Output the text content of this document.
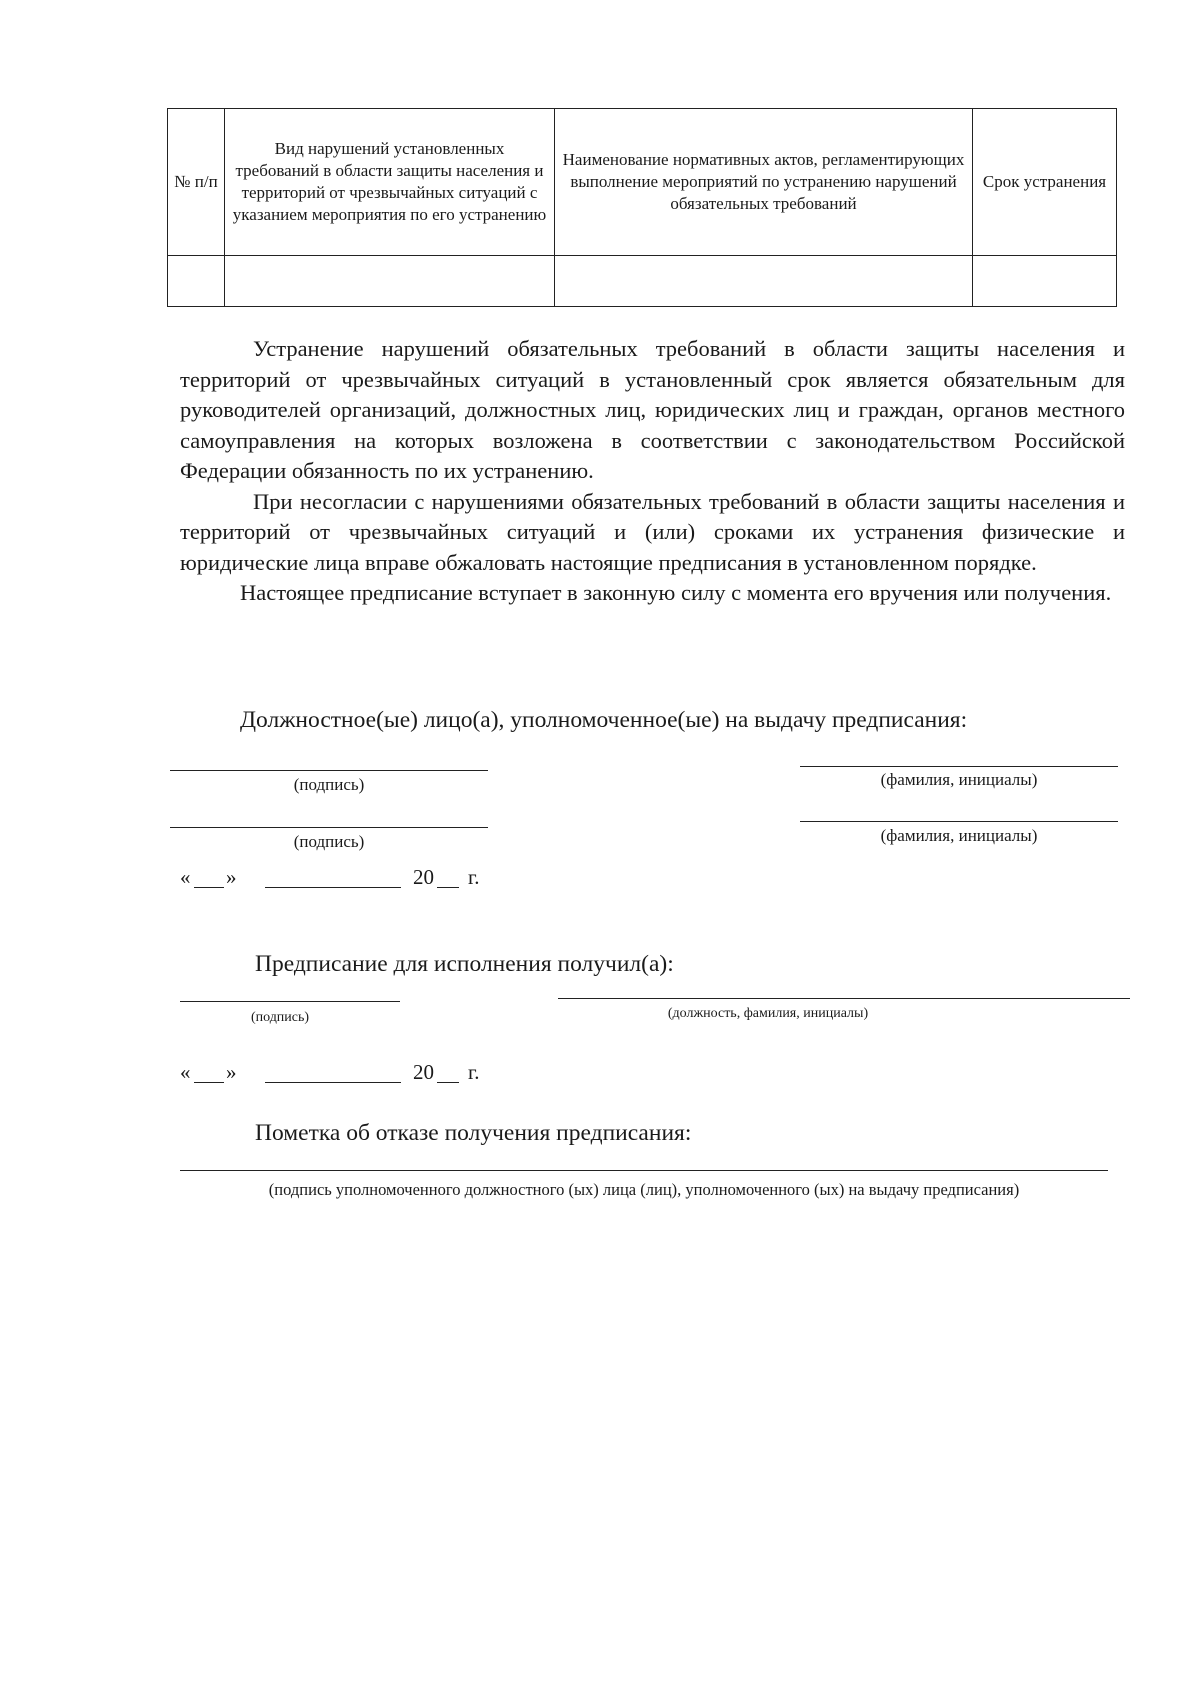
№ п/п	Вид нарушений установленных требований в области защиты населения и территорий от чрезвычайных ситуаций с указанием мероприятия по его устранению	Наименование нормативных актов, регламентирующих выполнение мероприятий по устранению нарушений обязательных требований	Срок устранения

Устранение нарушений обязательных требований в области защиты населения и территорий от чрезвычайных ситуаций в установленный срок является обязательным для руководителей организаций, должностных лиц, юридических лиц и граждан, органов местного самоуправления на которых возложена в соответствии с законодательством Российской Федерации обязанность по их устранению.

При несогласии с нарушениями обязательных требований в области защиты населения и территорий от чрезвычайных ситуаций и (или) сроками их устранения физические и юридические лица вправе обжаловать настоящие предписания в установленном порядке.

Настоящее предписание вступает в законную силу с момента его вручения или получения.

Должностное(ые) лицо(а), уполномоченное(ые) на выдачу предписания:
(подпись)	(фамилия, инициалы)
(подпись)	(фамилия, инициалы)
« »	20 г.
Предписание для исполнения получил(а):
(подпись)	(должность, фамилия, инициалы)
« »	20 г.
Пометка об отказе получения предписания:
(подпись уполномоченного должностного (ых) лица (лиц), уполномоченного (ых) на выдачу предписания)
